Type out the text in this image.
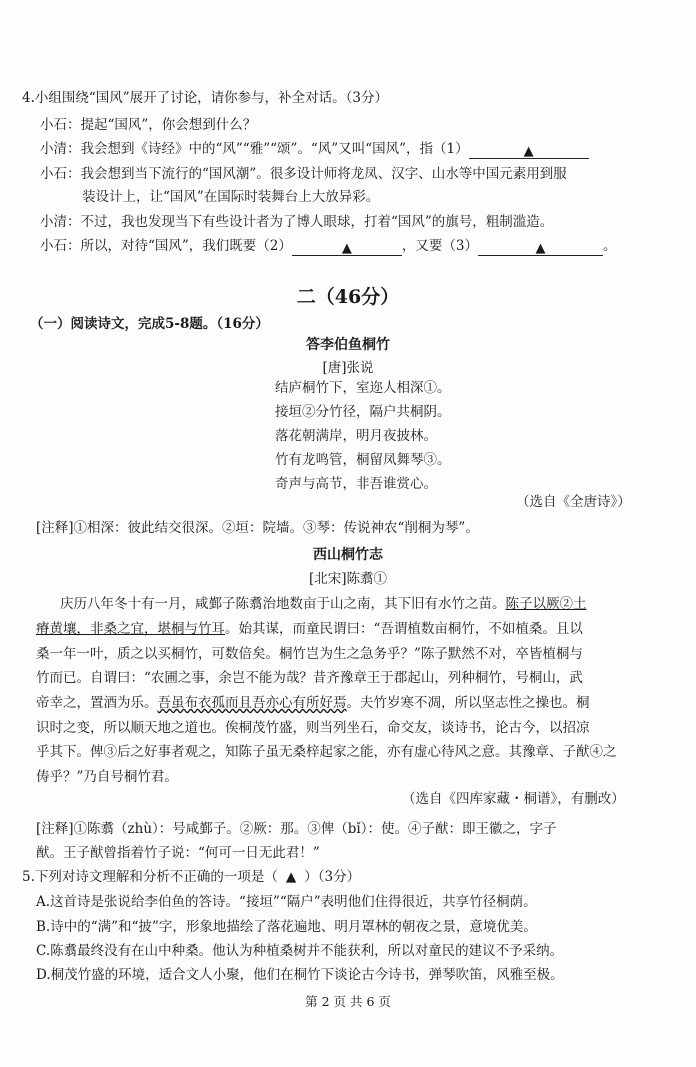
4.小组围绕“国风”展开了讨论，请你参与，补全对话。（3分）
小石：提起“国风”，你会想到什么？
小清：我会想到《诗经》中的“风”“雅”“颂”。“风”又叫“国风”，指（1）	▲
小石：我会想到当下流行的“国风潮”。很多设计师将龙凤、汉字、山水等中国元素用到服
装设计上，让“国风”在国际时装舞台上大放异彩。
小清：不过，我也发现当下有些设计者为了博人眼球，打着“国风”的旗号，粗制滥造。
小石：所以，对待“国风”，我们既要（2）	▲	，又要（3）	▲	。
二（46分）
（一）阅读诗文，完成5-8题。（16分）
答李伯鱼桐竹
[唐]张说
结庐桐竹下，室迩人相深①。
接垣②分竹径，隔户共桐阴。
落花朝满岸，明月夜披林。
竹有龙鸣管，桐留凤舞琴③。
奇声与高节，非吾谁赏心。
（选自《全唐诗》）
[注释]①相深：彼此结交很深。②垣：院墙。③琴：传说神农“削桐为琴”。
西山桐竹志
[北宋]陈翥①
庆历八年冬十有一月，咸鄞子陈翥治地数亩于山之南，其下旧有水竹之苗。陈子以厥②土
瘠黄壤，非桑之宜，堪桐与竹耳。始其谋，而童民谓曰：“吾谓植数亩桐竹，不如植桑。且以
桑一年一叶，质之以买桐竹，可数倍矣。桐竹岂为生之急务乎？”陈子默然不对，卒皆植桐与
竹而已。自谓曰：“农圃之事，余岂不能为哉？昔齐豫章王于郡起山，列种桐竹，号桐山，武
帝幸之，置酒为乐。吾虽布衣孤而且吾亦心有所好焉。夫竹岁寒不凋，所以坚志性之操也。桐
识时之变，所以顺天地之道也。俟桐茂竹盛，则当列坐石，命交友，谈诗书，论古今，以招凉
乎其下。俾③后之好事者观之，知陈子虽无桑梓起家之能，亦有虚心待风之意。其豫章、子猷④之
俦乎？”乃自号桐竹君。
（选自《四库家藏・桐谱》，有删改）
[注释]①陈翥（zhù）：号咸鄞子。②厥：那。③俾（bǐ）：使。④子猷：即王徽之，字子
猷。王子猷曾指着竹子说：“何可一日无此君！”
5.下列对诗文理解和分析不正确的一项是（ ▲ ）（3分）
A.这首诗是张说给李伯鱼的答诗。“接垣”“隔户”表明他们住得很近，共享竹径桐荫。
B.诗中的“满”和“披”字，形象地描绘了落花遍地、明月罩林的朝夜之景，意境优美。
C.陈翥最终没有在山中种桑。他认为种植桑树并不能获利，所以对童民的建议不予采纳。
D.桐茂竹盛的环境，适合文人小聚，他们在桐竹下谈论古今诗书，弹琴吹笛，风雅至极。
第 2 页 共 6 页
